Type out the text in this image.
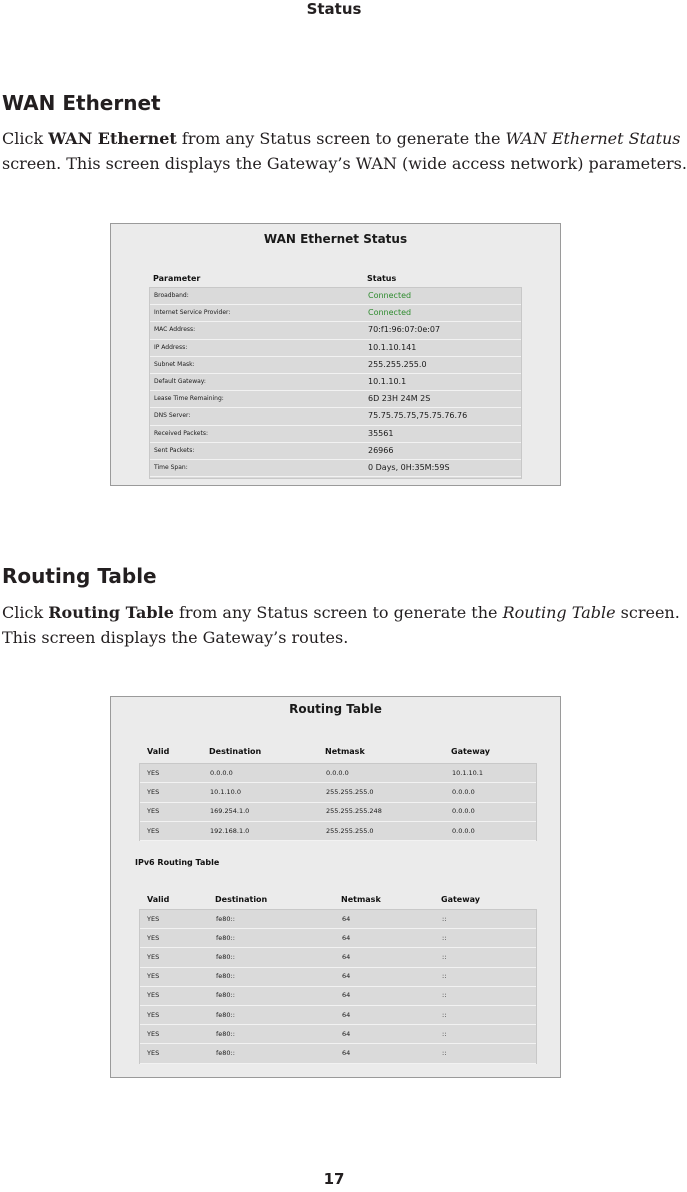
Status
WAN Ethernet
Click WAN Ethernet from any Status screen to generate the WAN Ethernet Status
screen. This screen displays the Gateway’s WAN (wide access network) parameters.
WAN Ethernet Status
Parameter	Status
Broadband:	Connected
Internet Service Provider:	Connected
MAC Address:	70:f1:96:07:0e:07
IP Address:	10.1.10.141
Subnet Mask:	255.255.255.0
Default Gateway:	10.1.10.1
Lease Time Remaining:	6D 23H 24M 2S
DNS Server:	75.75.75.75,75.75.76.76
Received Packets:	35561
Sent Packets:	26966
Time Span:	0 Days, 0H:35M:59S
Routing Table
Click Routing Table from any Status screen to generate the Routing Table screen.
This screen displays the Gateway’s routes.
Routing Table
Valid	Destination	Netmask	Gateway
YES	0.0.0.0	0.0.0.0	10.1.10.1
YES	10.1.10.0	255.255.255.0	0.0.0.0
YES	169.254.1.0	255.255.255.248	0.0.0.0
YES	192.168.1.0	255.255.255.0	0.0.0.0
IPv6 Routing Table
Valid	Destination	Netmask	Gateway
YES	fe80::	64	::
YES	fe80::	64	::
YES	fe80::	64	::
YES	fe80::	64	::
YES	fe80::	64	::
YES	fe80::	64	::
YES	fe80::	64	::
YES	fe80::	64	::
17
